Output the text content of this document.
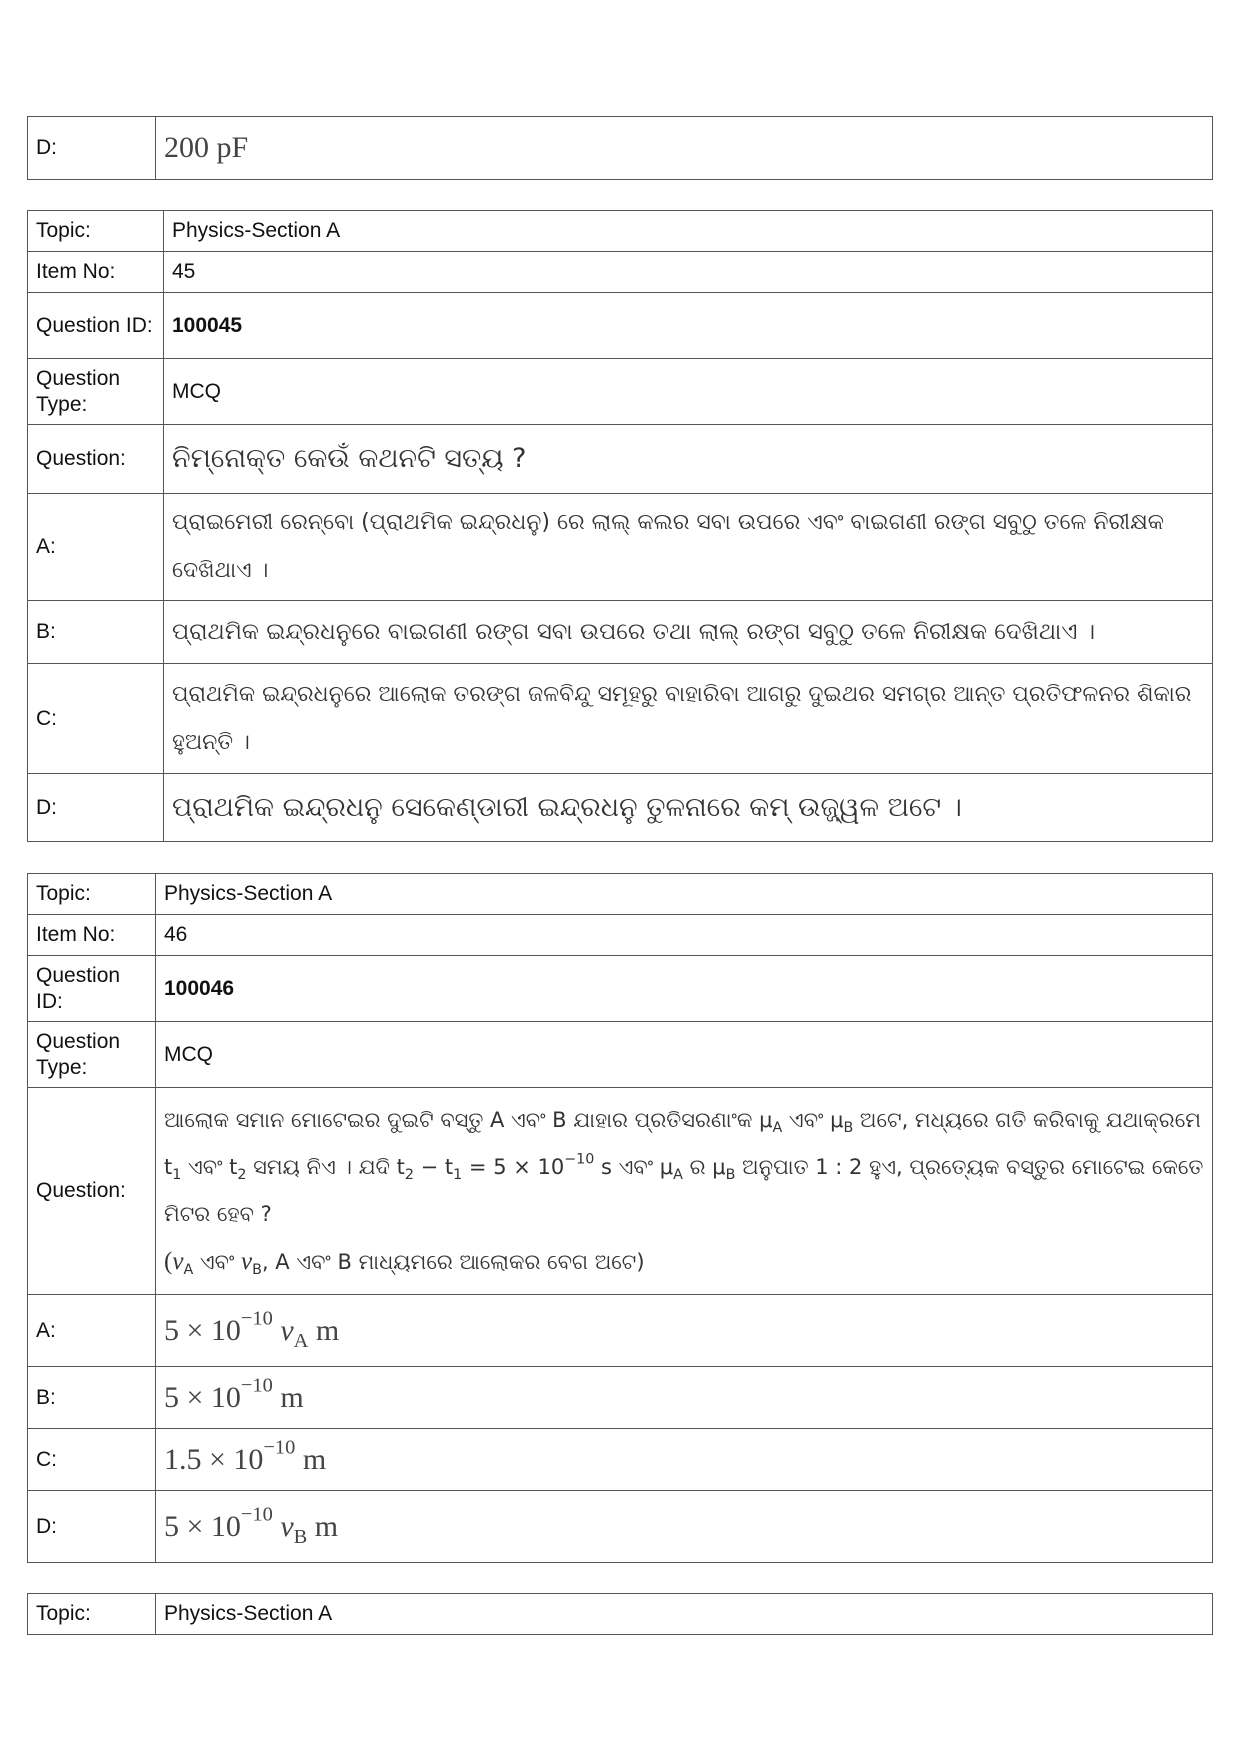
D:	200 pF
Topic:	Physics-Section A
Item No:	45
Question ID:	100045
Question Type:	MCQ
Question:	ନିମ୍ନୋକ୍ତ କେଉଁ କଥନଟି ସତ୍ୟ ?
A:	ପ୍ରାଇମେରୀ ରେନ୍‌ବୋ (ପ୍ରାଥମିକ ଇନ୍ଦ୍ରଧନୁ) ରେ ଲାଲ୍ କଲର ସବା ଉପରେ ଏବଂ ବାଇଗଣୀ ରଙ୍ଗ ସବୁଠୁ ତଳେ ନିରୀକ୍ଷକ ଦେଖିଥାଏ ।
B:	ପ୍ରାଥମିକ ଇନ୍ଦ୍ରଧନୁରେ ବାଇଗଣୀ ରଙ୍ଗ ସବା ଉପରେ ତଥା ଲାଲ୍ ରଙ୍ଗ ସବୁଠୁ ତଳେ ନିରୀକ୍ଷକ ଦେଖିଥାଏ ।
C:	ପ୍ରାଥମିକ ଇନ୍ଦ୍ରଧନୁରେ ଆଲୋକ ତରଙ୍ଗ ଜଳବିନ୍ଦୁ ସମୂହରୁ ବାହାରିବା ଆଗରୁ ଦୁଇଥର ସମଗ୍ର ଆନ୍ତ ପ୍ରତିଫଳନର ଶିକାର ହୁଅନ୍ତି ।
D:	ପ୍ରାଥମିକ ଇନ୍ଦ୍ରଧନୁ ସେକେଣ୍ଡାରୀ ଇନ୍ଦ୍ରଧନୁ ତୁଳନାରେ କମ୍ ଉଜ୍ଜ୍ୱଳ ଅଟେ ।
Topic:	Physics-Section A
Item No:	46
Question ID:	100046
Question Type:	MCQ
Question:	ଆଲୋକ ସମାନ ମୋଟେଇର ଦୁଇଟି ବସ୍ତୁ A ଏବଂ B ଯାହାର ପ୍ରତିସରଣାଂକ $\mu_A$ ଏବଂ $\mu_B$ ଅଟେ, ମଧ୍ୟରେ ଗତି କରିବାକୁ ଯଥାକ୍ରମେ $t_1$ ଏବଂ $t_2$ ସମୟ ନିଏ । ଯଦି $t_2 - t_1 = 5 \times 10^{-10}$ s ଏବଂ $\mu_A$ ର $\mu_B$ ଅନୁପାତ 1 : 2 ହୁଏ, ପ୍ରତ୍ୟେକ ବସ୍ତୁର ମୋଟେଇ କେତେ ମିଟର ହେବ ?
($v_A$ ଏବଂ $v_B$, A ଏବଂ B ମାଧ୍ୟମରେ ଆଲୋକର ବେଗ ଅଟେ)
A:	$5 \times 10^{-10}$ $v_A$ m
B:	$5 \times 10^{-10}$ m
C:	$1.5 \times 10^{-10}$ m
D:	$5 \times 10^{-10}$ $v_B$ m
Topic:	Physics-Section A
